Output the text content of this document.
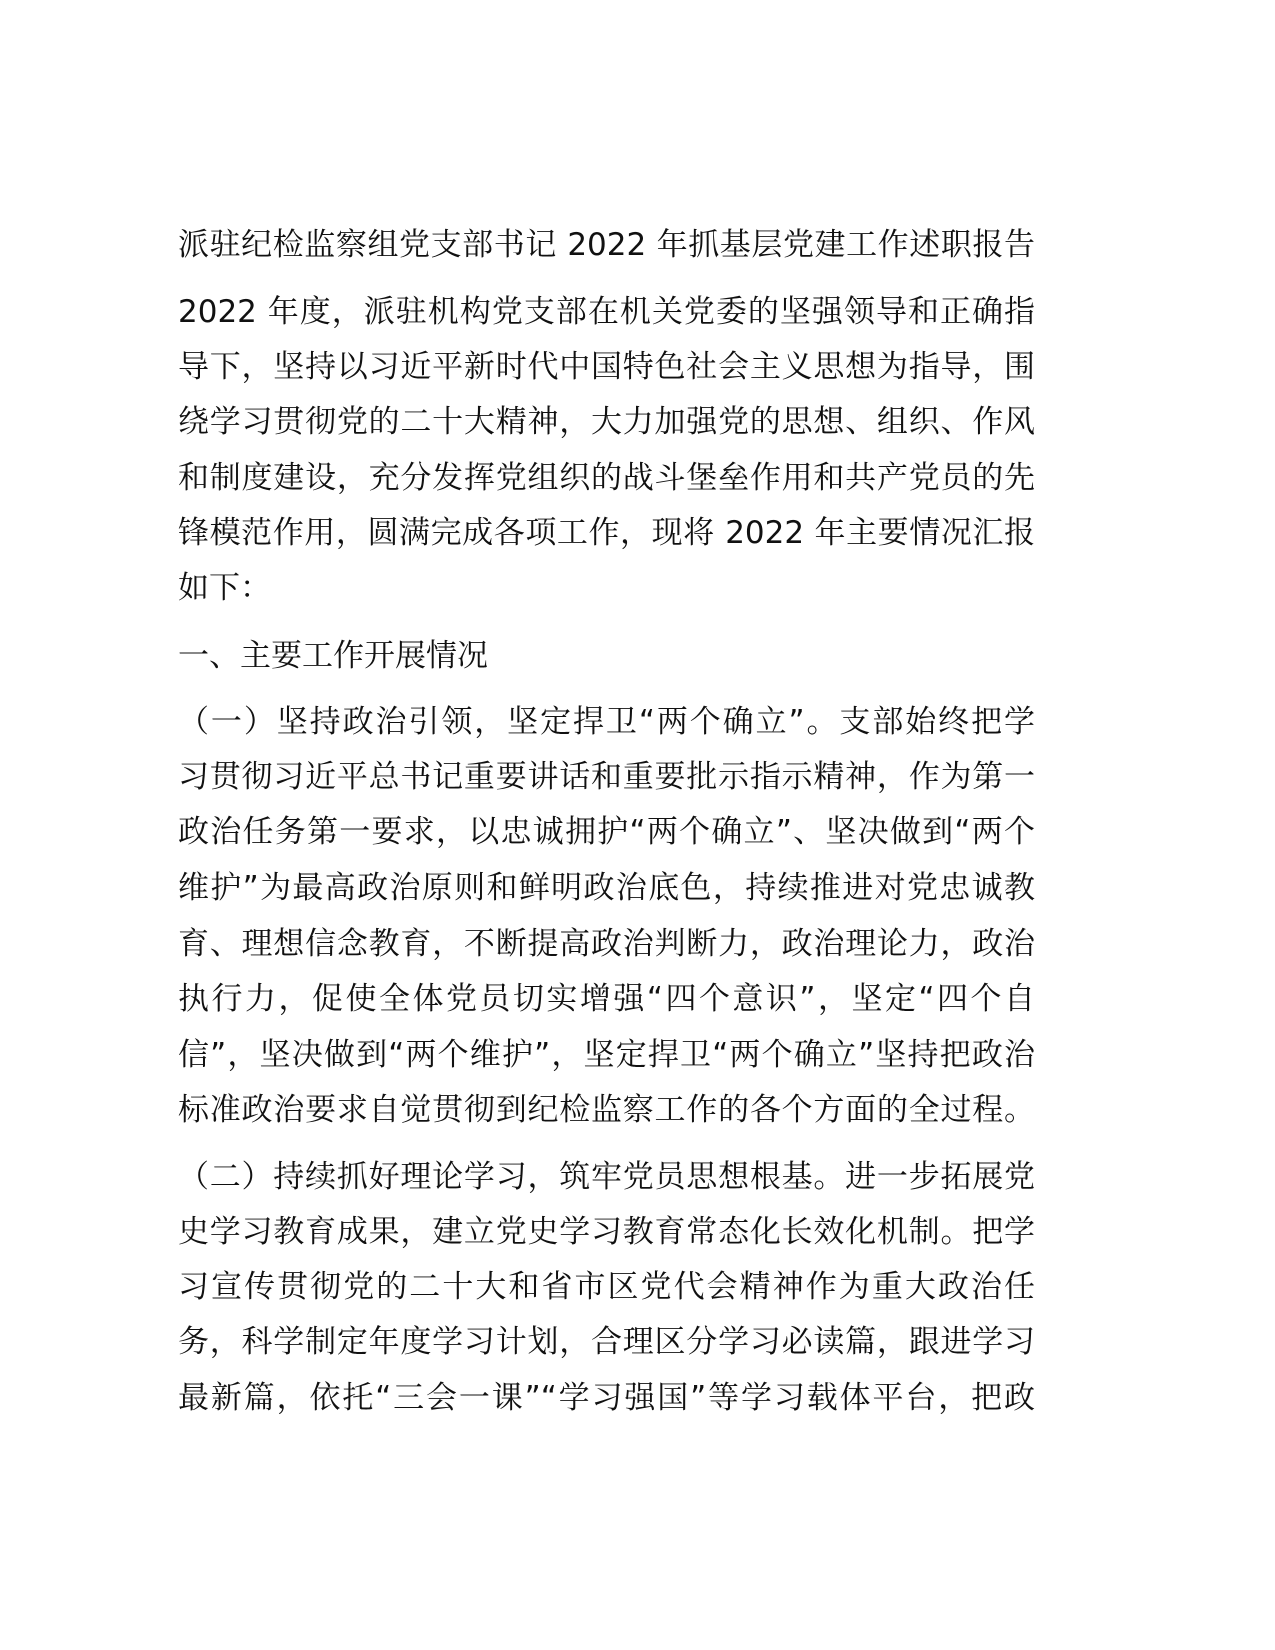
派驻纪检监察组党支部书记 2022 年抓基层党建工作述职报告
2022 年度，派驻机构党支部在机关党委的坚强领导和正确指
导下，坚持以习近平新时代中国特色社会主义思想为指导，围
绕学习贯彻党的二十大精神，大力加强党的思想、组织、作风
和制度建设，充分发挥党组织的战斗堡垒作用和共产党员的先
锋模范作用，圆满完成各项工作，现将 2022 年主要情况汇报
如下：
一、主要工作开展情况
（一）坚持政治引领，坚定捍卫“两个确立”。支部始终把学
习贯彻习近平总书记重要讲话和重要批示指示精神，作为第一
政治任务第一要求，以忠诚拥护“两个确立”、坚决做到“两个
维护”为最高政治原则和鲜明政治底色，持续推进对党忠诚教
育、理想信念教育，不断提高政治判断力，政治理论力，政治
执行力，促使全体党员切实增强“四个意识”，坚定“四个自
信”，坚决做到“两个维护”，坚定捍卫“两个确立”坚持把政治
标准政治要求自觉贯彻到纪检监察工作的各个方面的全过程。
（二）持续抓好理论学习，筑牢党员思想根基。进一步拓展党
史学习教育成果，建立党史学习教育常态化长效化机制。把学
习宣传贯彻党的二十大和省市区党代会精神作为重大政治任
务，科学制定年度学习计划，合理区分学习必读篇，跟进学习
最新篇，依托“三会一课”“学习强国”等学习载体平台，把政
